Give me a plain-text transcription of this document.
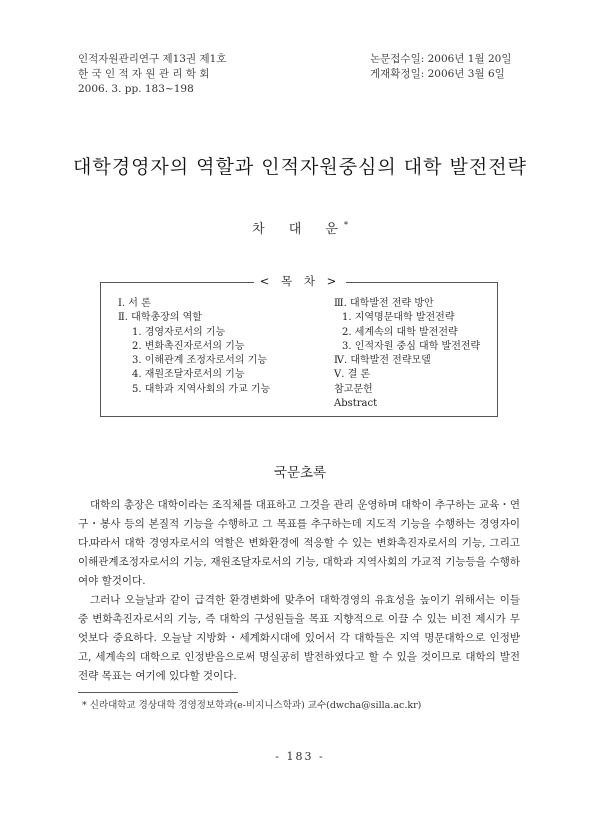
인적자원관리연구 제13권 제1호
한 국 인 적 자 원 관 리 학 회
2006. 3. pp. 183~198
논문접수일: 2006년 1월 20일
게재확정일: 2006년 3월 6일
대학경영자의 역할과 인적자원중심의 대학 발전전략
차 대 운*
< 목 차 >
Ⅰ. 서 론
Ⅱ. 대학총장의 역할
1. 경영자로서의 기능
2. 변화촉진자로서의 기능
3. 이해관계 조정자로서의 기능
4. 재원조달자로서의 기능
5. 대학과 지역사회의 가교 기능
Ⅲ. 대학발전 전략 방안
1. 지역명문대학 발전전략
2. 세계속의 대학 발전전략
3. 인적자원 중심 대학 발전전략
Ⅳ. 대학발전 전략모델
Ⅴ. 결 론
참고문헌
Abstract
국문초록
대학의 총장은 대학이라는 조직체를 대표하고 그것을 관리 운영하며 대학이 추구하는 교육・연구・봉사 등의 본질적 기능을 수행하고 그 목표를 추구하는데 지도적 기능을 수행하는 경영자이다.
따라서 대학 경영자로서의 역할은 변화환경에 적응할 수 있는 변화촉진자로서의 기능, 그리고 이해관계조정자로서의 기능, 재원조달자로서의 기능, 대학과 지역사회의 가교적 기능등을 수행하여야 할것이다.
그러나 오늘날과 같이 급격한 환경변화에 맞추어 대학경영의 유효성을 높이기 위해서는 이들 중 변화촉진자로서의 기능, 즉 대학의 구성원들을 목표 지향적으로 이끌 수 있는 비전 제시가 무엇보다 중요하다. 오늘날 지방화・세계화시대에 있어서 각 대학들은 지역 명문대학으로 인정받고, 세계속의 대학으로 인정받음으로써 명실공히 발전하였다고 할 수 있을 것이므로 대학의 발전전략 목표는 여기에 있다할 것이다.
* 신라대학교 경상대학 경영정보학과(e-비지니스학과) 교수(dwcha@silla.ac.kr)
- 183 -
